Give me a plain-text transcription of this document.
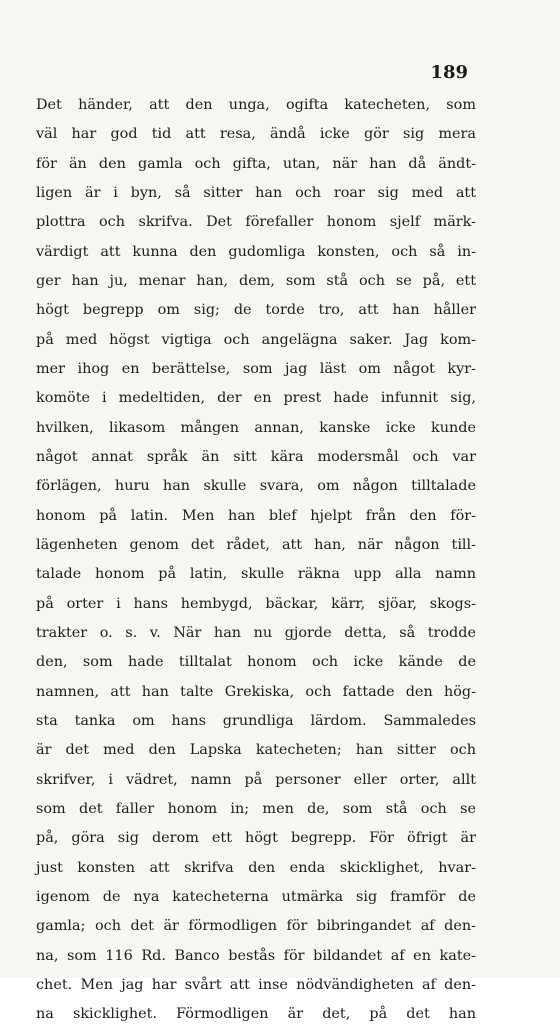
189
Det händer, att den unga, ogifta katecheten, som
väl har god tid att resa, ändå icke gör sig mera
för än den gamla och gifta, utan, när han då ändt-
ligen är i byn, så sitter han och roar sig med att
plottra och skrifva. Det förefaller honom sjelf märk-
värdigt att kunna den gudomliga konsten, och så in-
ger han ju, menar han, dem, som stå och se på, ett
högt begrepp om sig; de torde tro, att han håller
på med högst vigtiga och angelägna saker. Jag kom-
mer ihog en berättelse, som jag läst om något kyr-
komöte i medeltiden, der en prest hade infunnit sig,
hvilken, likasom mången annan, kanske icke kunde
något annat språk än sitt kära modersmål och var
förlägen, huru han skulle svara, om någon tilltalade
honom på latin. Men han blef hjelpt från den för-
lägenheten genom det rådet, att han, när någon till-
talade honom på latin, skulle räkna upp alla namn
på orter i hans hembygd, bäckar, kärr, sjöar, skogs-
trakter o. s. v. När han nu gjorde detta, så trodde
den, som hade tilltalat honom och icke kände de
namnen, att han talte Grekiska, och fattade den hög-
sta tanka om hans grundliga lärdom. Sammaledes
är det med den Lapska katecheten; han sitter och
skrifver, i vädret, namn på personer eller orter, allt
som det faller honom in; men de, som stå och se
på, göra sig derom ett högt begrepp. För öfrigt är
just konsten att skrifva den enda skicklighet, hvar-
igenom de nya katecheterna utmärka sig framför de
gamla; och det är förmodligen för bibringandet af den-
na, som 116 Rd. Banco bestås för bildandet af en kate-
chet. Men jag har svårt att inse nödvändigheten af den-
na skicklighet. Förmodligen är det, på det han
